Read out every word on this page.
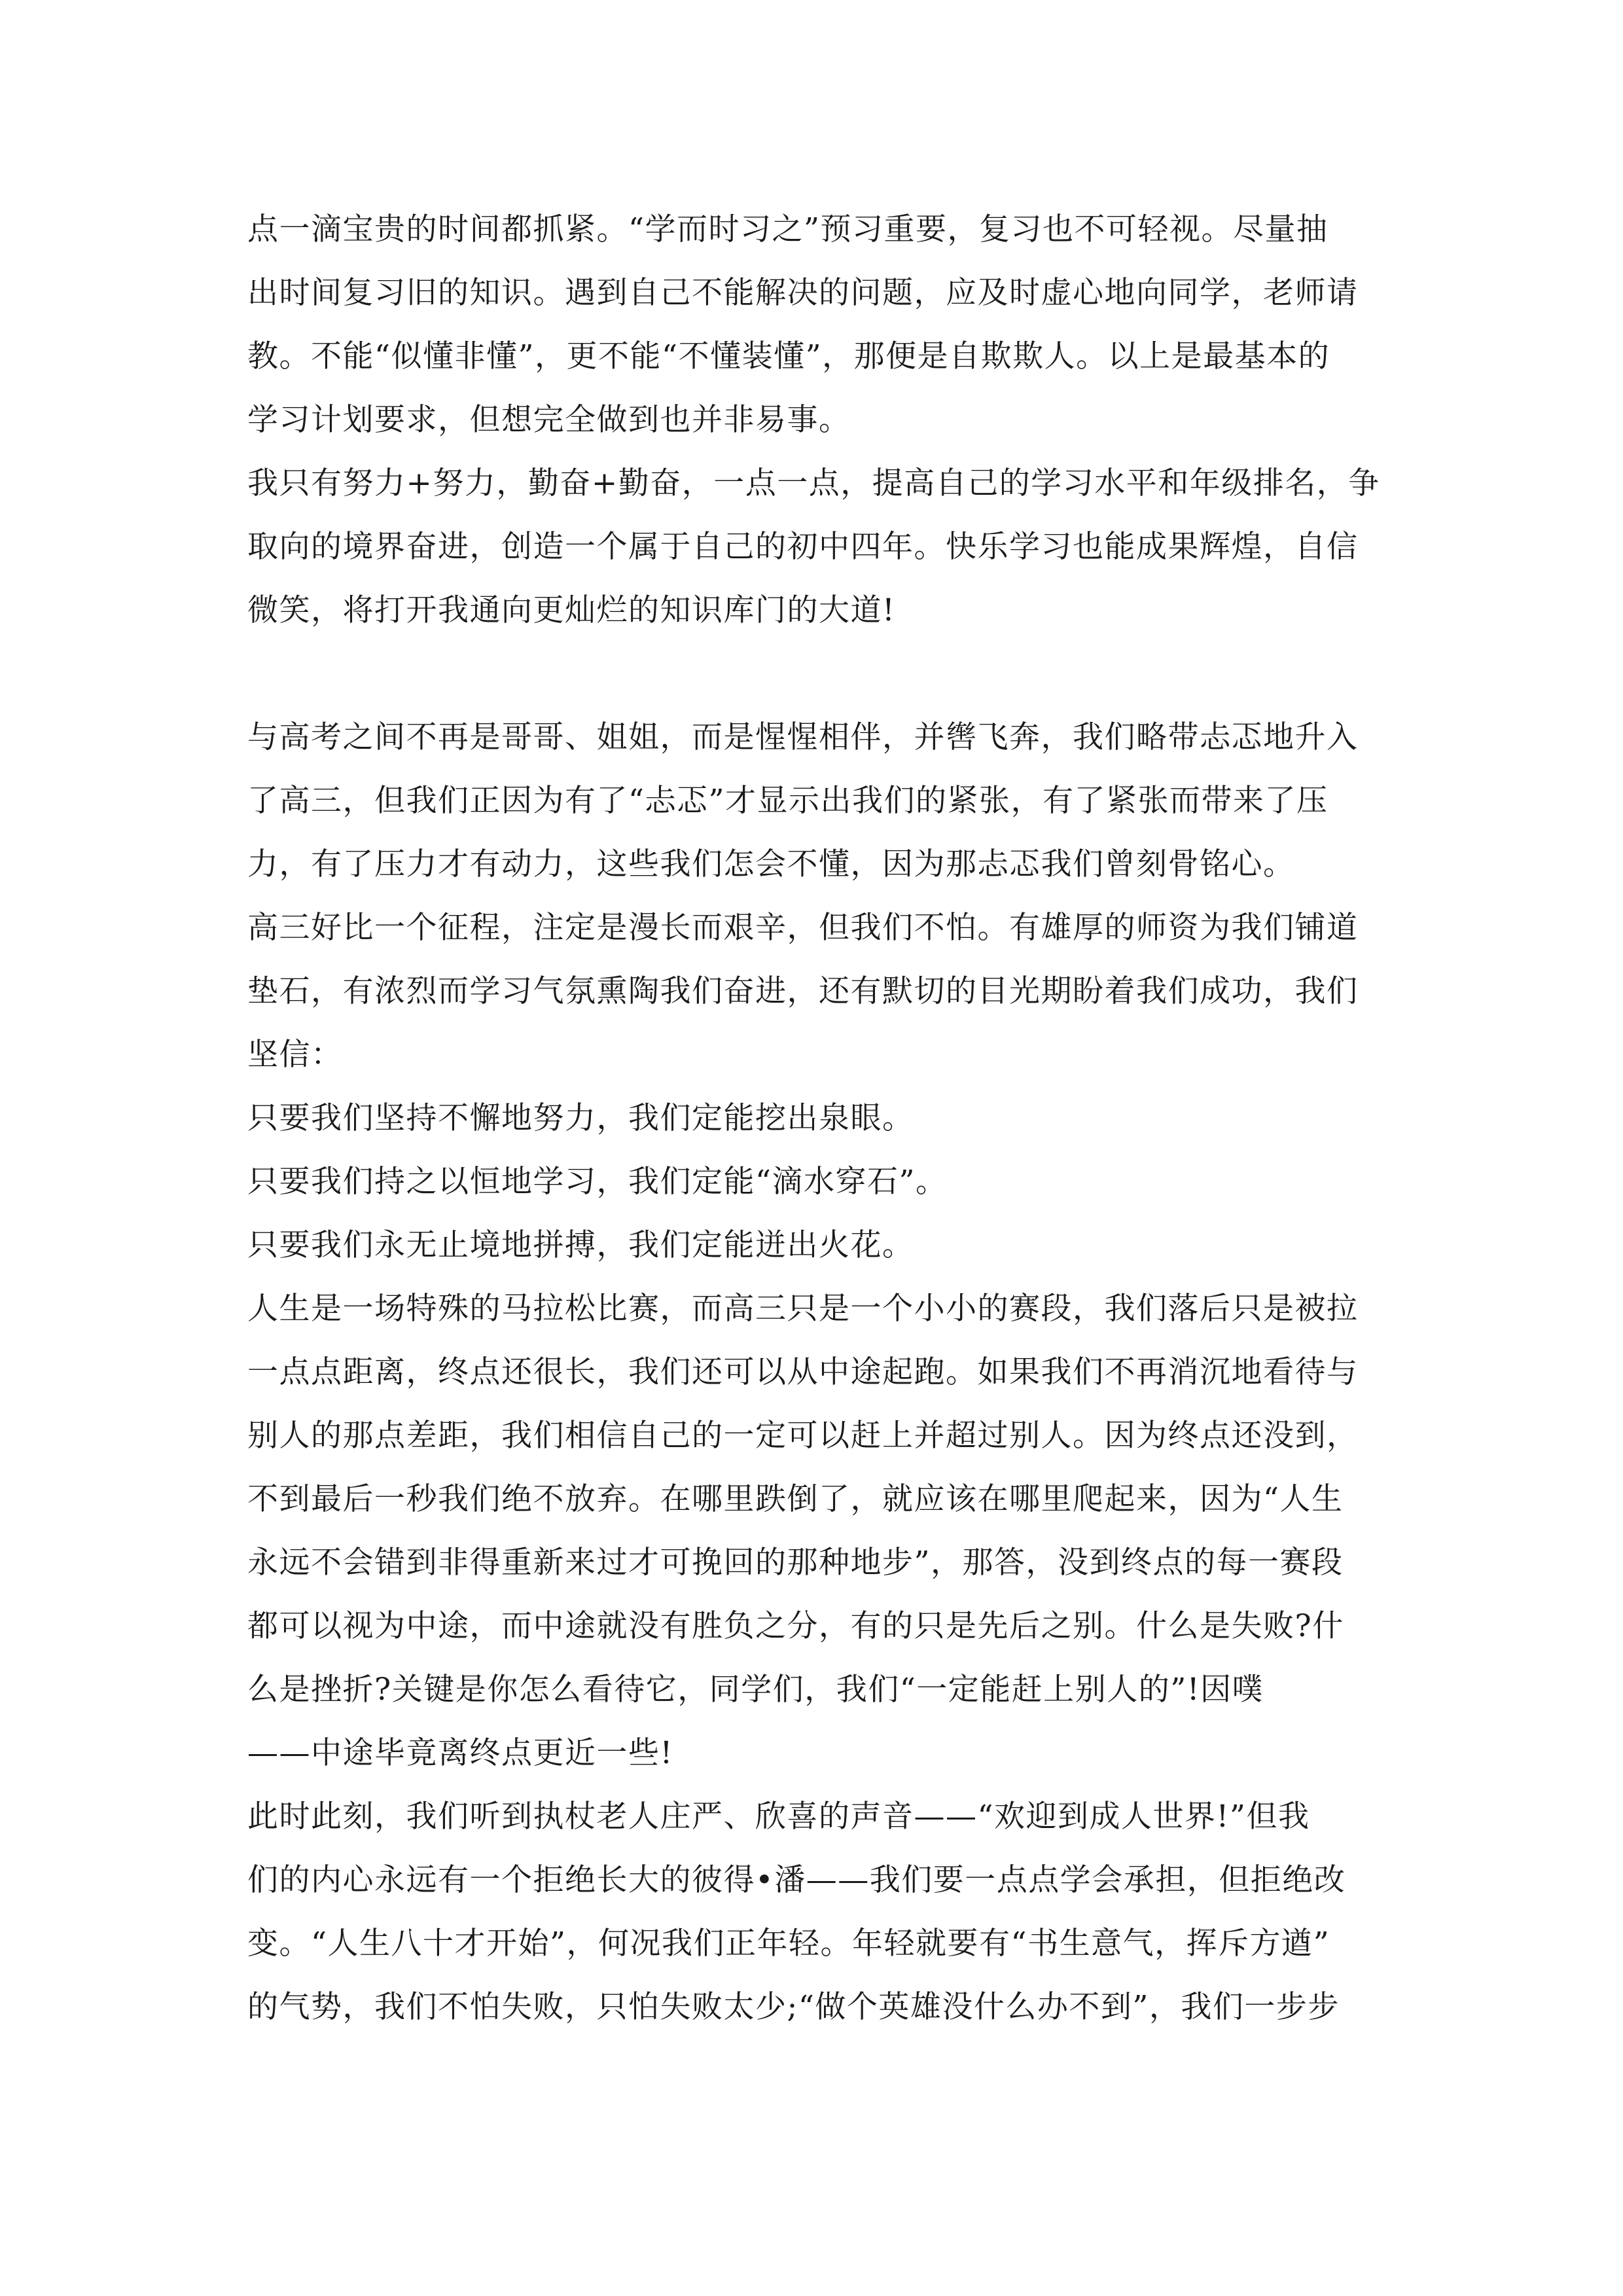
点一滴宝贵的时间都抓紧。“学而时习之”预习重要，复习也不可轻视。尽量抽
出时间复习旧的知识。遇到自己不能解决的问题，应及时虚心地向同学，老师请
教。不能“似懂非懂”，更不能“不懂装懂”，那便是自欺欺人。以上是最基本的
学习计划要求，但想完全做到也并非易事。
我只有努力+努力，勤奋+勤奋，一点一点，提高自己的学习水平和年级排名，争
取向的境界奋进，创造一个属于自己的初中四年。快乐学习也能成果辉煌，自信
微笑，将打开我通向更灿烂的知识库门的大道!
与高考之间不再是哥哥、姐姐，而是惺惺相伴，并辔飞奔，我们略带忐忑地升入
了高三，但我们正因为有了“忐忑”才显示出我们的紧张，有了紧张而带来了压
力，有了压力才有动力，这些我们怎会不懂，因为那忐忑我们曾刻骨铭心。
高三好比一个征程，注定是漫长而艰辛，但我们不怕。有雄厚的师资为我们铺道
垫石，有浓烈而学习气氛熏陶我们奋进，还有默切的目光期盼着我们成功，我们
坚信：
只要我们坚持不懈地努力，我们定能挖出泉眼。
只要我们持之以恒地学习，我们定能“滴水穿石”。
只要我们永无止境地拼搏，我们定能迸出火花。
人生是一场特殊的马拉松比赛，而高三只是一个小小的赛段，我们落后只是被拉
一点点距离，终点还很长，我们还可以从中途起跑。如果我们不再消沉地看待与
别人的那点差距，我们相信自己的一定可以赶上并超过别人。因为终点还没到，
不到最后一秒我们绝不放弃。在哪里跌倒了，就应该在哪里爬起来，因为“人生
永远不会错到非得重新来过才可挽回的那种地步”，那答，没到终点的每一赛段
都可以视为中途，而中途就没有胜负之分，有的只是先后之别。什么是失败?什
么是挫折?关键是你怎么看待它，同学们，我们“一定能赶上别人的”!因噗
——中途毕竟离终点更近一些!
此时此刻，我们听到执杖老人庄严、欣喜的声音——“欢迎到成人世界!”但我
们的内心永远有一个拒绝长大的彼得•潘——我们要一点点学会承担，但拒绝改
变。“人生八十才开始”，何况我们正年轻。年轻就要有“书生意气，挥斥方遒”
的气势，我们不怕失败，只怕失败太少;“做个英雄没什么办不到”，我们一步步
